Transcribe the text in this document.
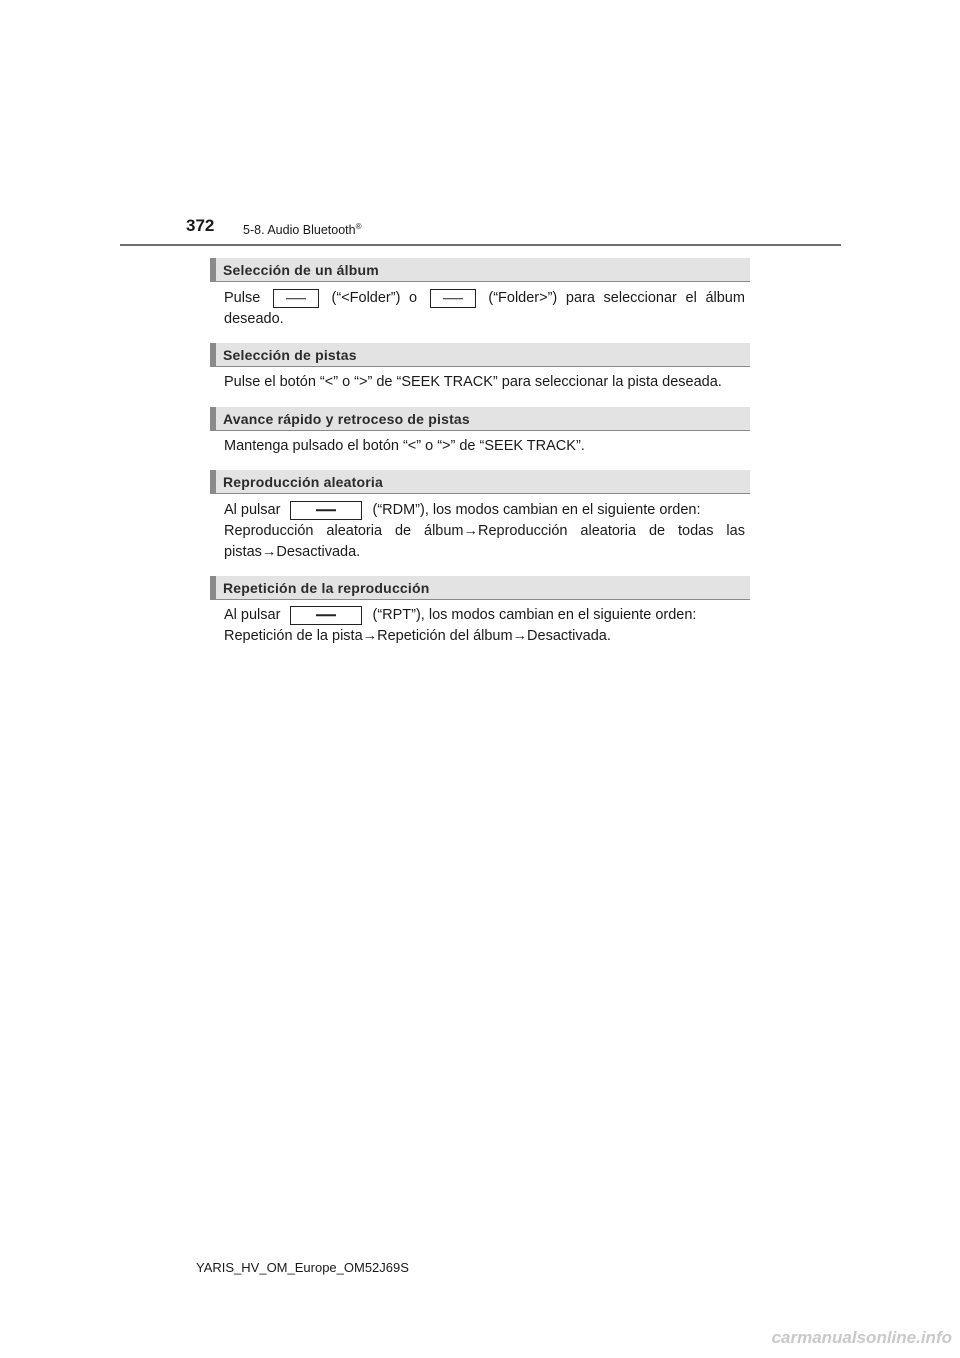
372 5-8. Audio Bluetooth®
Selección de un álbum
Pulse	(“<Folder”) o	(“Folder>”) para seleccionar el álbum
deseado.
Selección de pistas
Pulse el botón “<” o “>” de “SEEK TRACK” para seleccionar la pista deseada.
Avance rápido y retroceso de pistas
Mantenga pulsado el botón “<” o “>” de “SEEK TRACK”.
Reproducción aleatoria
Al pulsar	(“RDM”), los modos cambian en el siguiente orden:
Reproducción aleatoria de álbum→Reproducción aleatoria de todas las
pistas→Desactivada.
Repetición de la reproducción
Al pulsar	(“RPT”), los modos cambian en el siguiente orden:
Repetición de la pista→Repetición del álbum→Desactivada.
YARIS_HV_OM_Europe_OM52J69S
carmanualsonline.info
